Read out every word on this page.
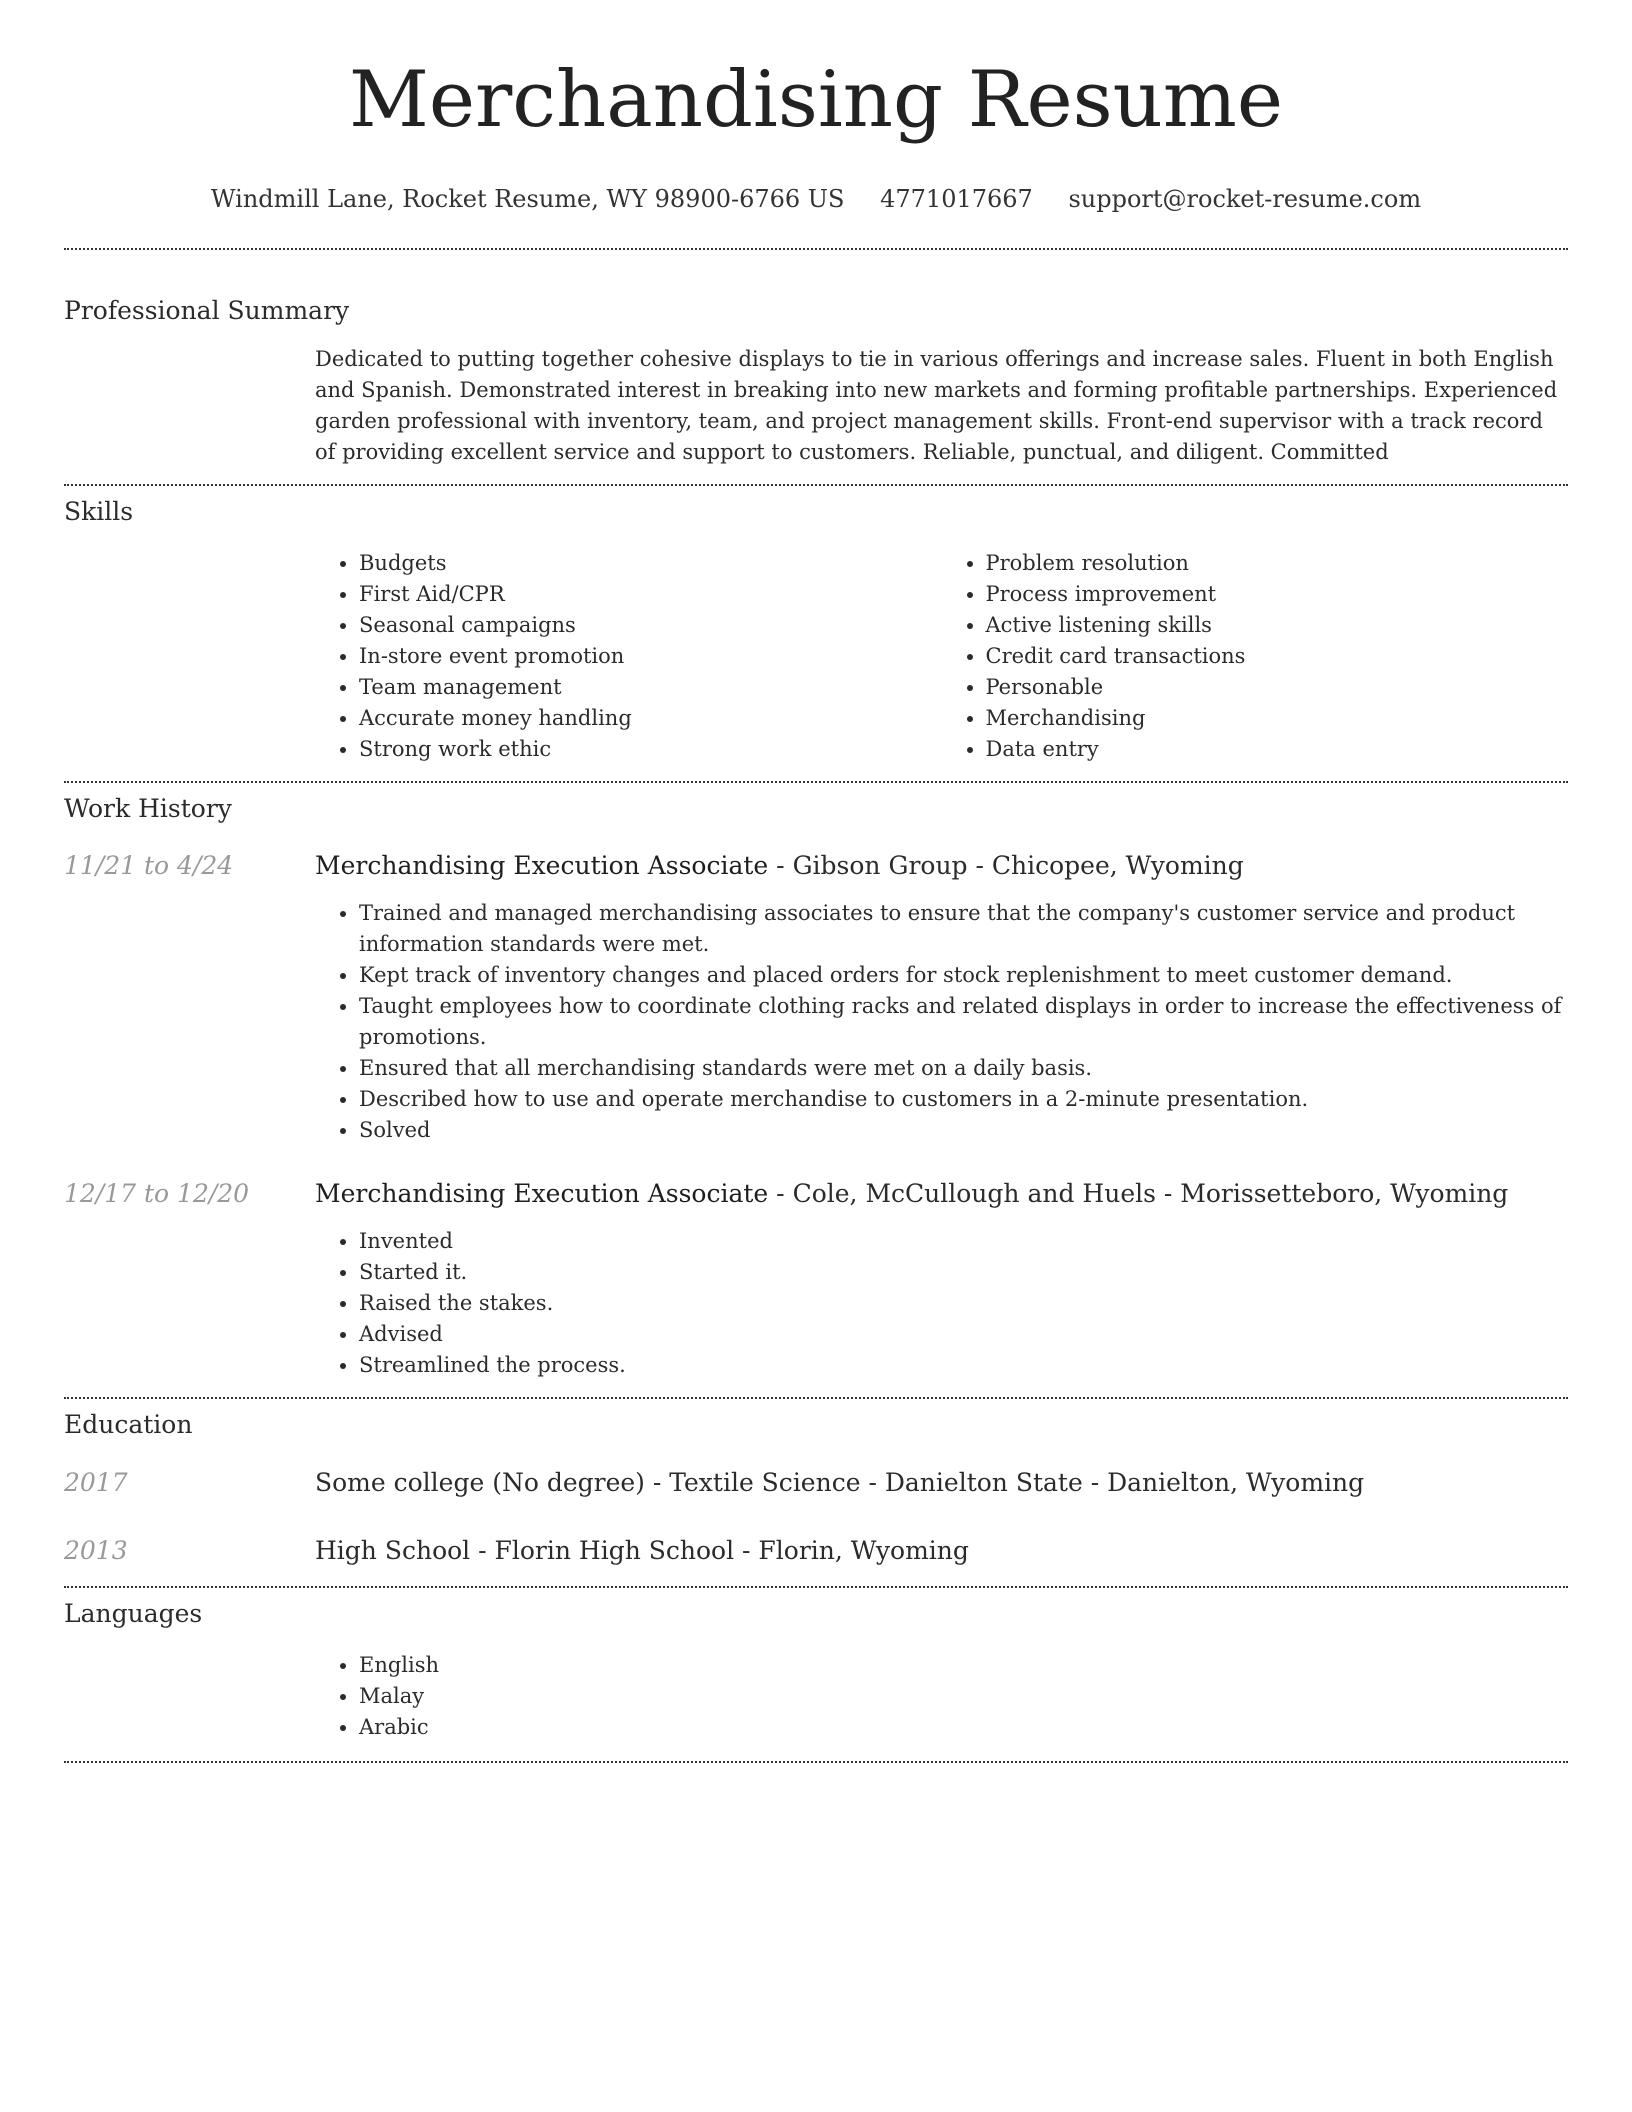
Merchandising Resume
Windmill Lane, Rocket Resume, WY 98900-6766 US 4771017667 support@rocket-resume.com
Professional Summary

Dedicated to putting together cohesive displays to tie in various offerings and increase sales. Fluent in both English and Spanish. Demonstrated interest in breaking into new markets and forming profitable partnerships. Experienced garden professional with inventory, team, and project management skills. Front-end supervisor with a track record of providing excellent service and support to customers. Reliable, punctual, and diligent. Committed

Skills
• Budgets
• First Aid/CPR
• Seasonal campaigns
• In-store event promotion
• Team management
• Accurate money handling
• Strong work ethic
• Problem resolution
• Process improvement
• Active listening skills
• Credit card transactions
• Personable
• Merchandising
• Data entry
Work History
11/21 to 4/24	Merchandising Execution Associate - Gibson Group - Chicopee, Wyoming
• Trained and managed merchandising associates to ensure that the company's customer service and product information standards were met.
• Kept track of inventory changes and placed orders for stock replenishment to meet customer demand.
• Taught employees how to coordinate clothing racks and related displays in order to increase the effectiveness of promotions.
• Ensured that all merchandising standards were met on a daily basis.
• Described how to use and operate merchandise to customers in a 2-minute presentation.
• Solved
12/17 to 12/20	Merchandising Execution Associate - Cole, McCullough and Huels - Morissetteboro, Wyoming
• Invented
• Started it.
• Raised the stakes.
• Advised
• Streamlined the process.
Education
2017	Some college (No degree) - Textile Science - Danielton State - Danielton, Wyoming
2013	High School - Florin High School - Florin, Wyoming
Languages
• English
• Malay
• Arabic
